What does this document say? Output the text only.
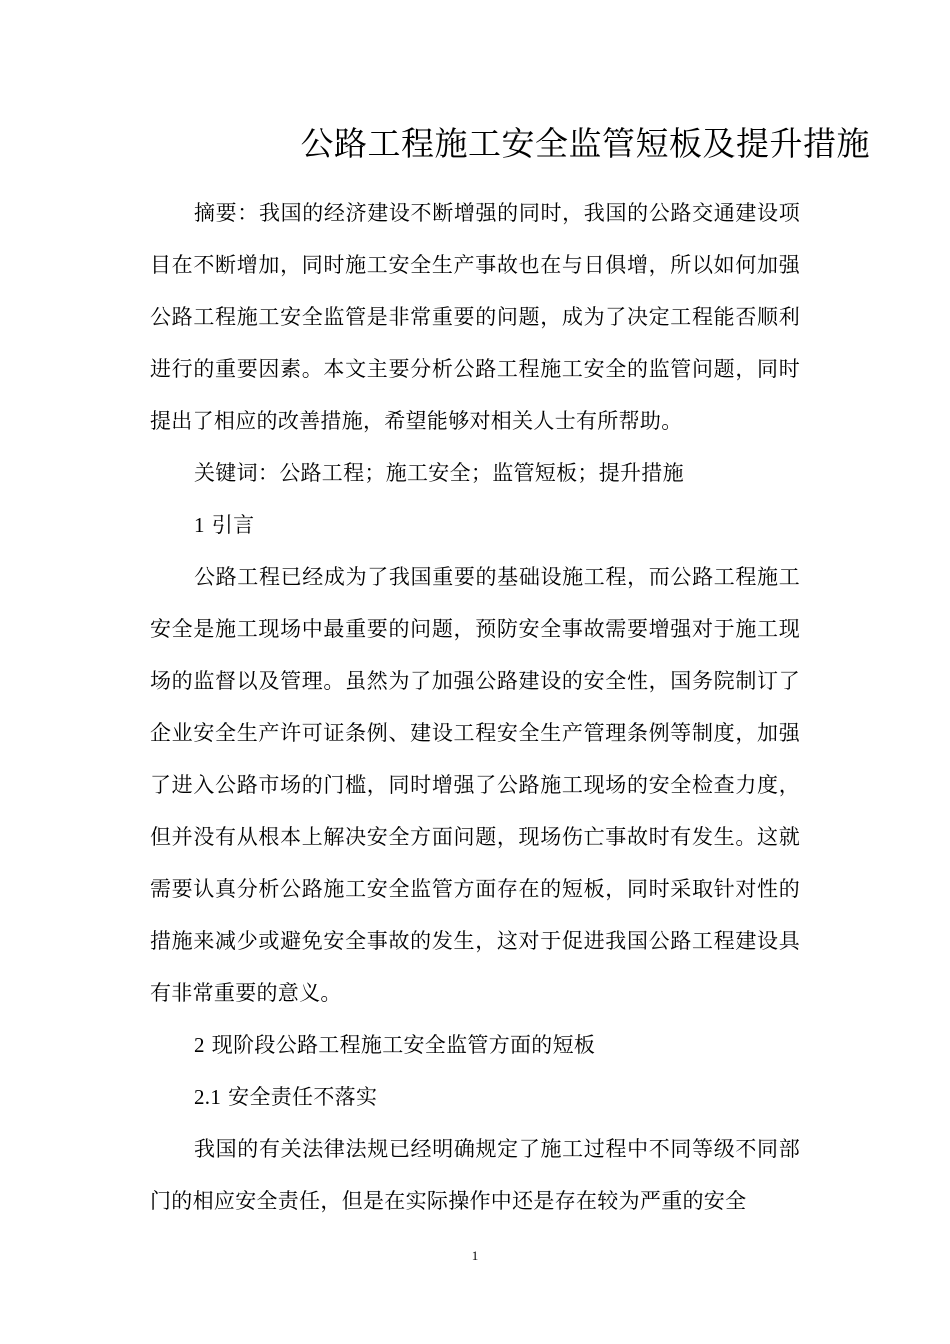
公路工程施工安全监管短板及提升措施

摘要：我国的经济建设不断增强的同时，我国的公路交通建设项目在不断增加，同时施工安全生产事故也在与日俱增，所以如何加强公路工程施工安全监管是非常重要的问题，成为了决定工程能否顺利进行的重要因素。本文主要分析公路工程施工安全的监管问题，同时提出了相应的改善措施，希望能够对相关人士有所帮助。

关键词：公路工程；施工安全；监管短板；提升措施

1 引言

公路工程已经成为了我国重要的基础设施工程，而公路工程施工安全是施工现场中最重要的问题，预防安全事故需要增强对于施工现场的监督以及管理。虽然为了加强公路建设的安全性，国务院制订了企业安全生产许可证条例、建设工程安全生产管理条例等制度，加强了进入公路市场的门槛，同时增强了公路施工现场的安全检查力度，但并没有从根本上解决安全方面问题，现场伤亡事故时有发生。这就需要认真分析公路施工安全监管方面存在的短板，同时采取针对性的措施来减少或避免安全事故的发生，这对于促进我国公路工程建设具有非常重要的意义。

2 现阶段公路工程施工安全监管方面的短板

2.1 安全责任不落实

我国的有关法律法规已经明确规定了施工过程中不同等级不同部门的相应安全责任，但是在实际操作中还是存在较为严重的安全

1
